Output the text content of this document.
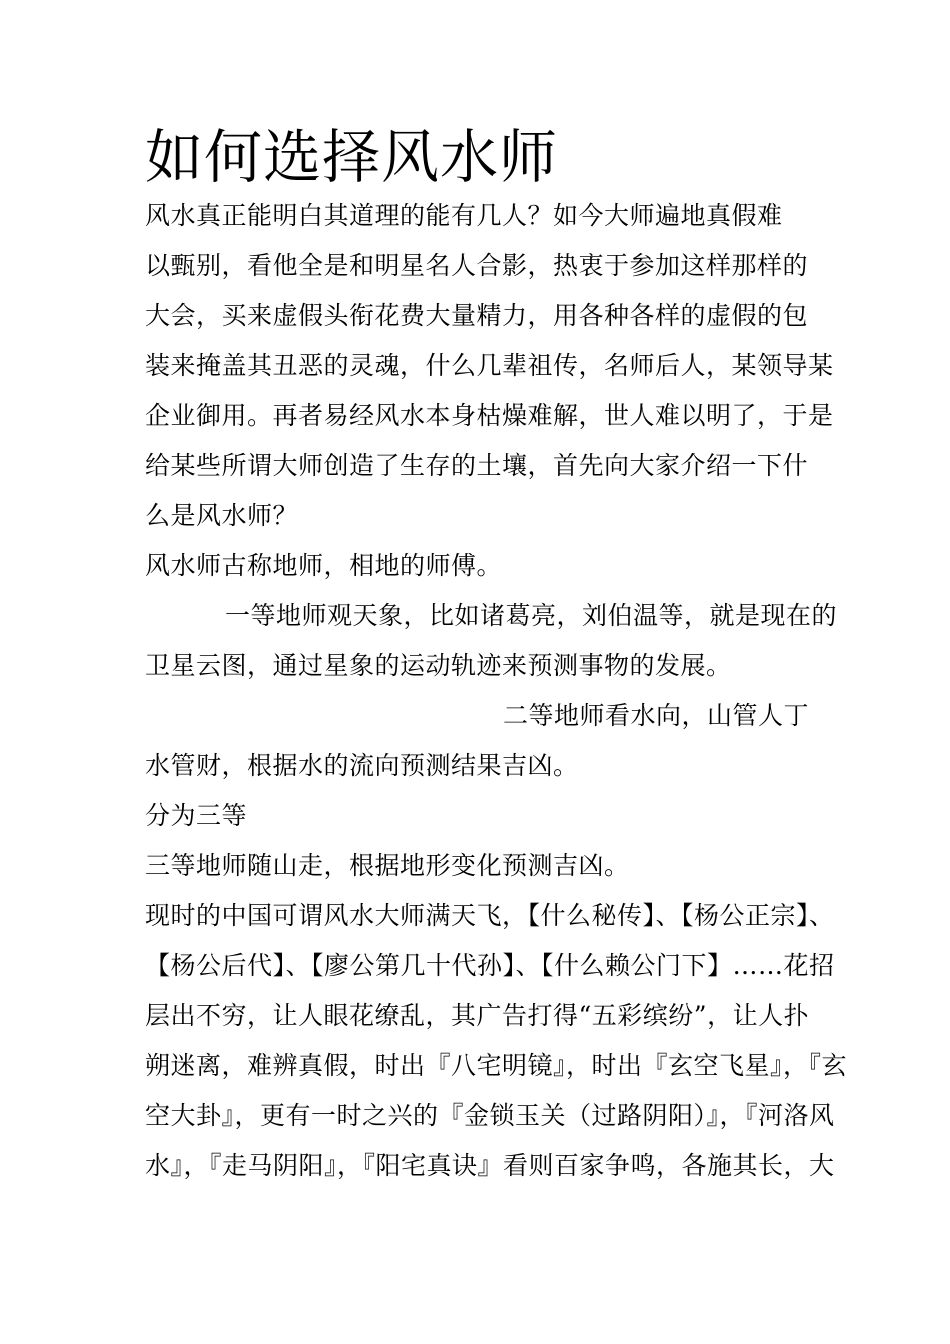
如何选择风水师
风水真正能明白其道理的能有几人？如今大师遍地真假难
以甄别，看他全是和明星名人合影，热衷于参加这样那样的
大会，买来虚假头衔花费大量精力，用各种各样的虚假的包
装来掩盖其丑恶的灵魂，什么几辈祖传，名师后人，某领导某
企业御用。再者易经风水本身枯燥难解，世人难以明了，于是
给某些所谓大师创造了生存的土壤，首先向大家介绍一下什
么是风水师？
风水师古称地师，相地的师傅。
一等地师观天象，比如诸葛亮，刘伯温等，就是现在的
卫星云图，通过星象的运动轨迹来预测事物的发展。
二等地师看水向，山管人丁
水管财，根据水的流向预测结果吉凶。
分为三等
三等地师随山走，根据地形变化预测吉凶。
现时的中国可谓风水大师满天飞，【什么秘传】、【杨公正宗】、
【杨公后代】、【廖公第几十代孙】、【什么赖公门下】……花招
层出不穷，让人眼花缭乱，其广告打得“五彩缤纷”，让人扑
朔迷离，难辨真假，时出『八宅明镜』，时出『玄空飞星』，『玄
空大卦』，更有一时之兴的『金锁玉关（过路阴阳）』，『河洛风
水』，『走马阴阳』，『阳宅真诀』看则百家争鸣，各施其长，大
